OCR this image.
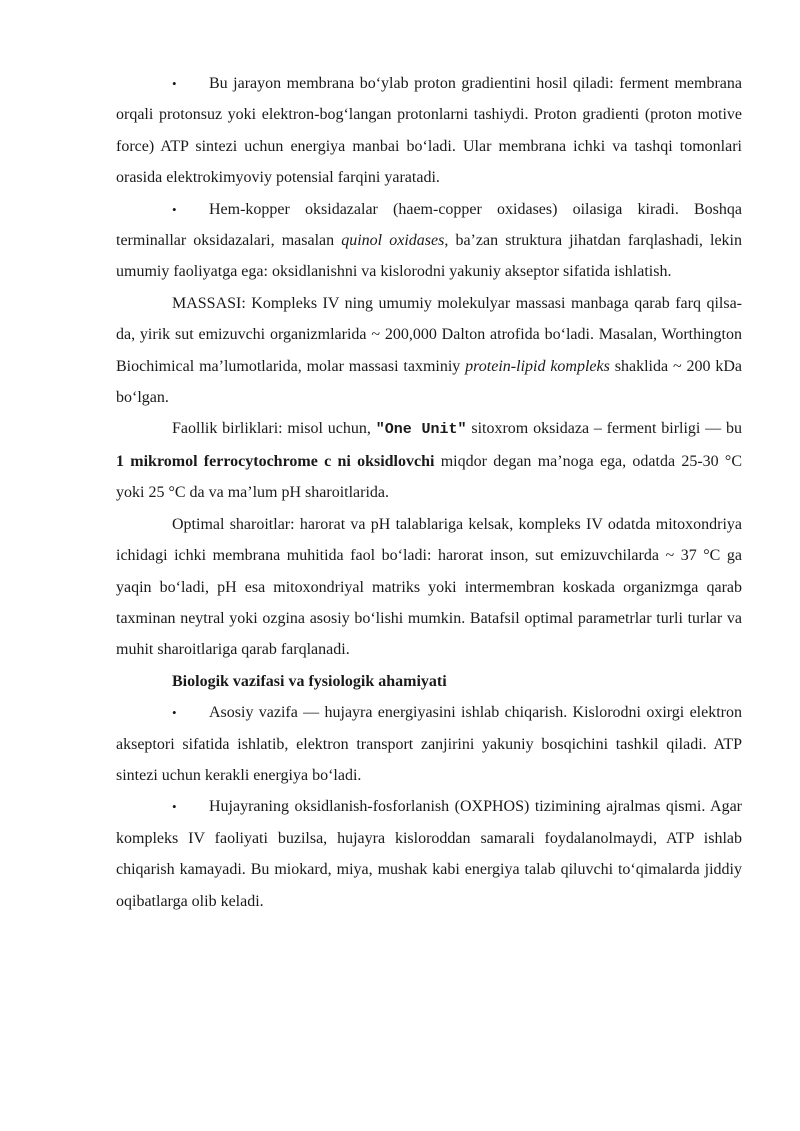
• Bu jarayon membrana bo‘ylab proton gradientini hosil qiladi: ferment membrana orqali protonsuz yoki elektron-bog‘langan protonlarni tashiydi. Proton gradienti (proton motive force) ATP sintezi uchun energiya manbai bo‘ladi. Ular membrana ichki va tashqi tomonlari orasida elektrokimyoviy potensial farqini yaratadi.

• Hem-kopper oksidazalar (haem-copper oxidases) oilasiga kiradi. Boshqa terminallar oksidazalari, masalan quinol oxidases, ba’zan struktura jihatdan farqlashadi, lekin umumiy faoliyatga ega: oksidlanishni va kislorodni yakuniy akseptor sifatida ishlatish.

MASSASI: Kompleks IV ning umumiy molekulyar massasi manbaga qarab farq qilsa-da, yirik sut emizuvchi organizmlarida ~ 200,000 Dalton atrofida bo‘ladi. Masalan, Worthington Biochimical ma’lumotlarida, molar massasi taxminiy protein-lipid kompleks shaklida ~ 200 kDa bo‘lgan.

Faollik birliklari: misol uchun, "One Unit" sitoxrom oksidaza – ferment birligi — bu 1 mikromol ferrocytochrome c ni oksidlovchi miqdor degan ma’noga ega, odatda 25-30 °C yoki 25 °C da va ma’lum pH sharoitlarida.

Optimal sharoitlar: harorat va pH talablariga kelsak, kompleks IV odatda mitoxondriya ichidagi ichki membrana muhitida faol bo‘ladi: harorat inson, sut emizuvchilarda ~ 37 °C ga yaqin bo‘ladi, pH esa mitoxondriyal matriks yoki intermembran koskada organizmga qarab taxminan neytral yoki ozgina asosiy bo‘lishi mumkin. Batafsil optimal parametrlar turli turlar va muhit sharoitlariga qarab farqlanadi.

Biologik vazifasi va fysiologik ahamiyati

• Asosiy vazifa — hujayra energiyasini ishlab chiqarish. Kislorodni oxirgi elektron akseptori sifatida ishlatib, elektron transport zanjirini yakuniy bosqichini tashkil qiladi. ATP sintezi uchun kerakli energiya bo‘ladi.

• Hujayraning oksidlanish-fosforlanish (OXPHOS) tizimining ajralmas qismi. Agar kompleks IV faoliyati buzilsa, hujayra kisloroddan samarali foydalanolmaydi, ATP ishlab chiqarish kamayadi. Bu miokard, miya, mushak kabi energiya talab qiluvchi to‘qimalarda jiddiy oqibatlarga olib keladi.
